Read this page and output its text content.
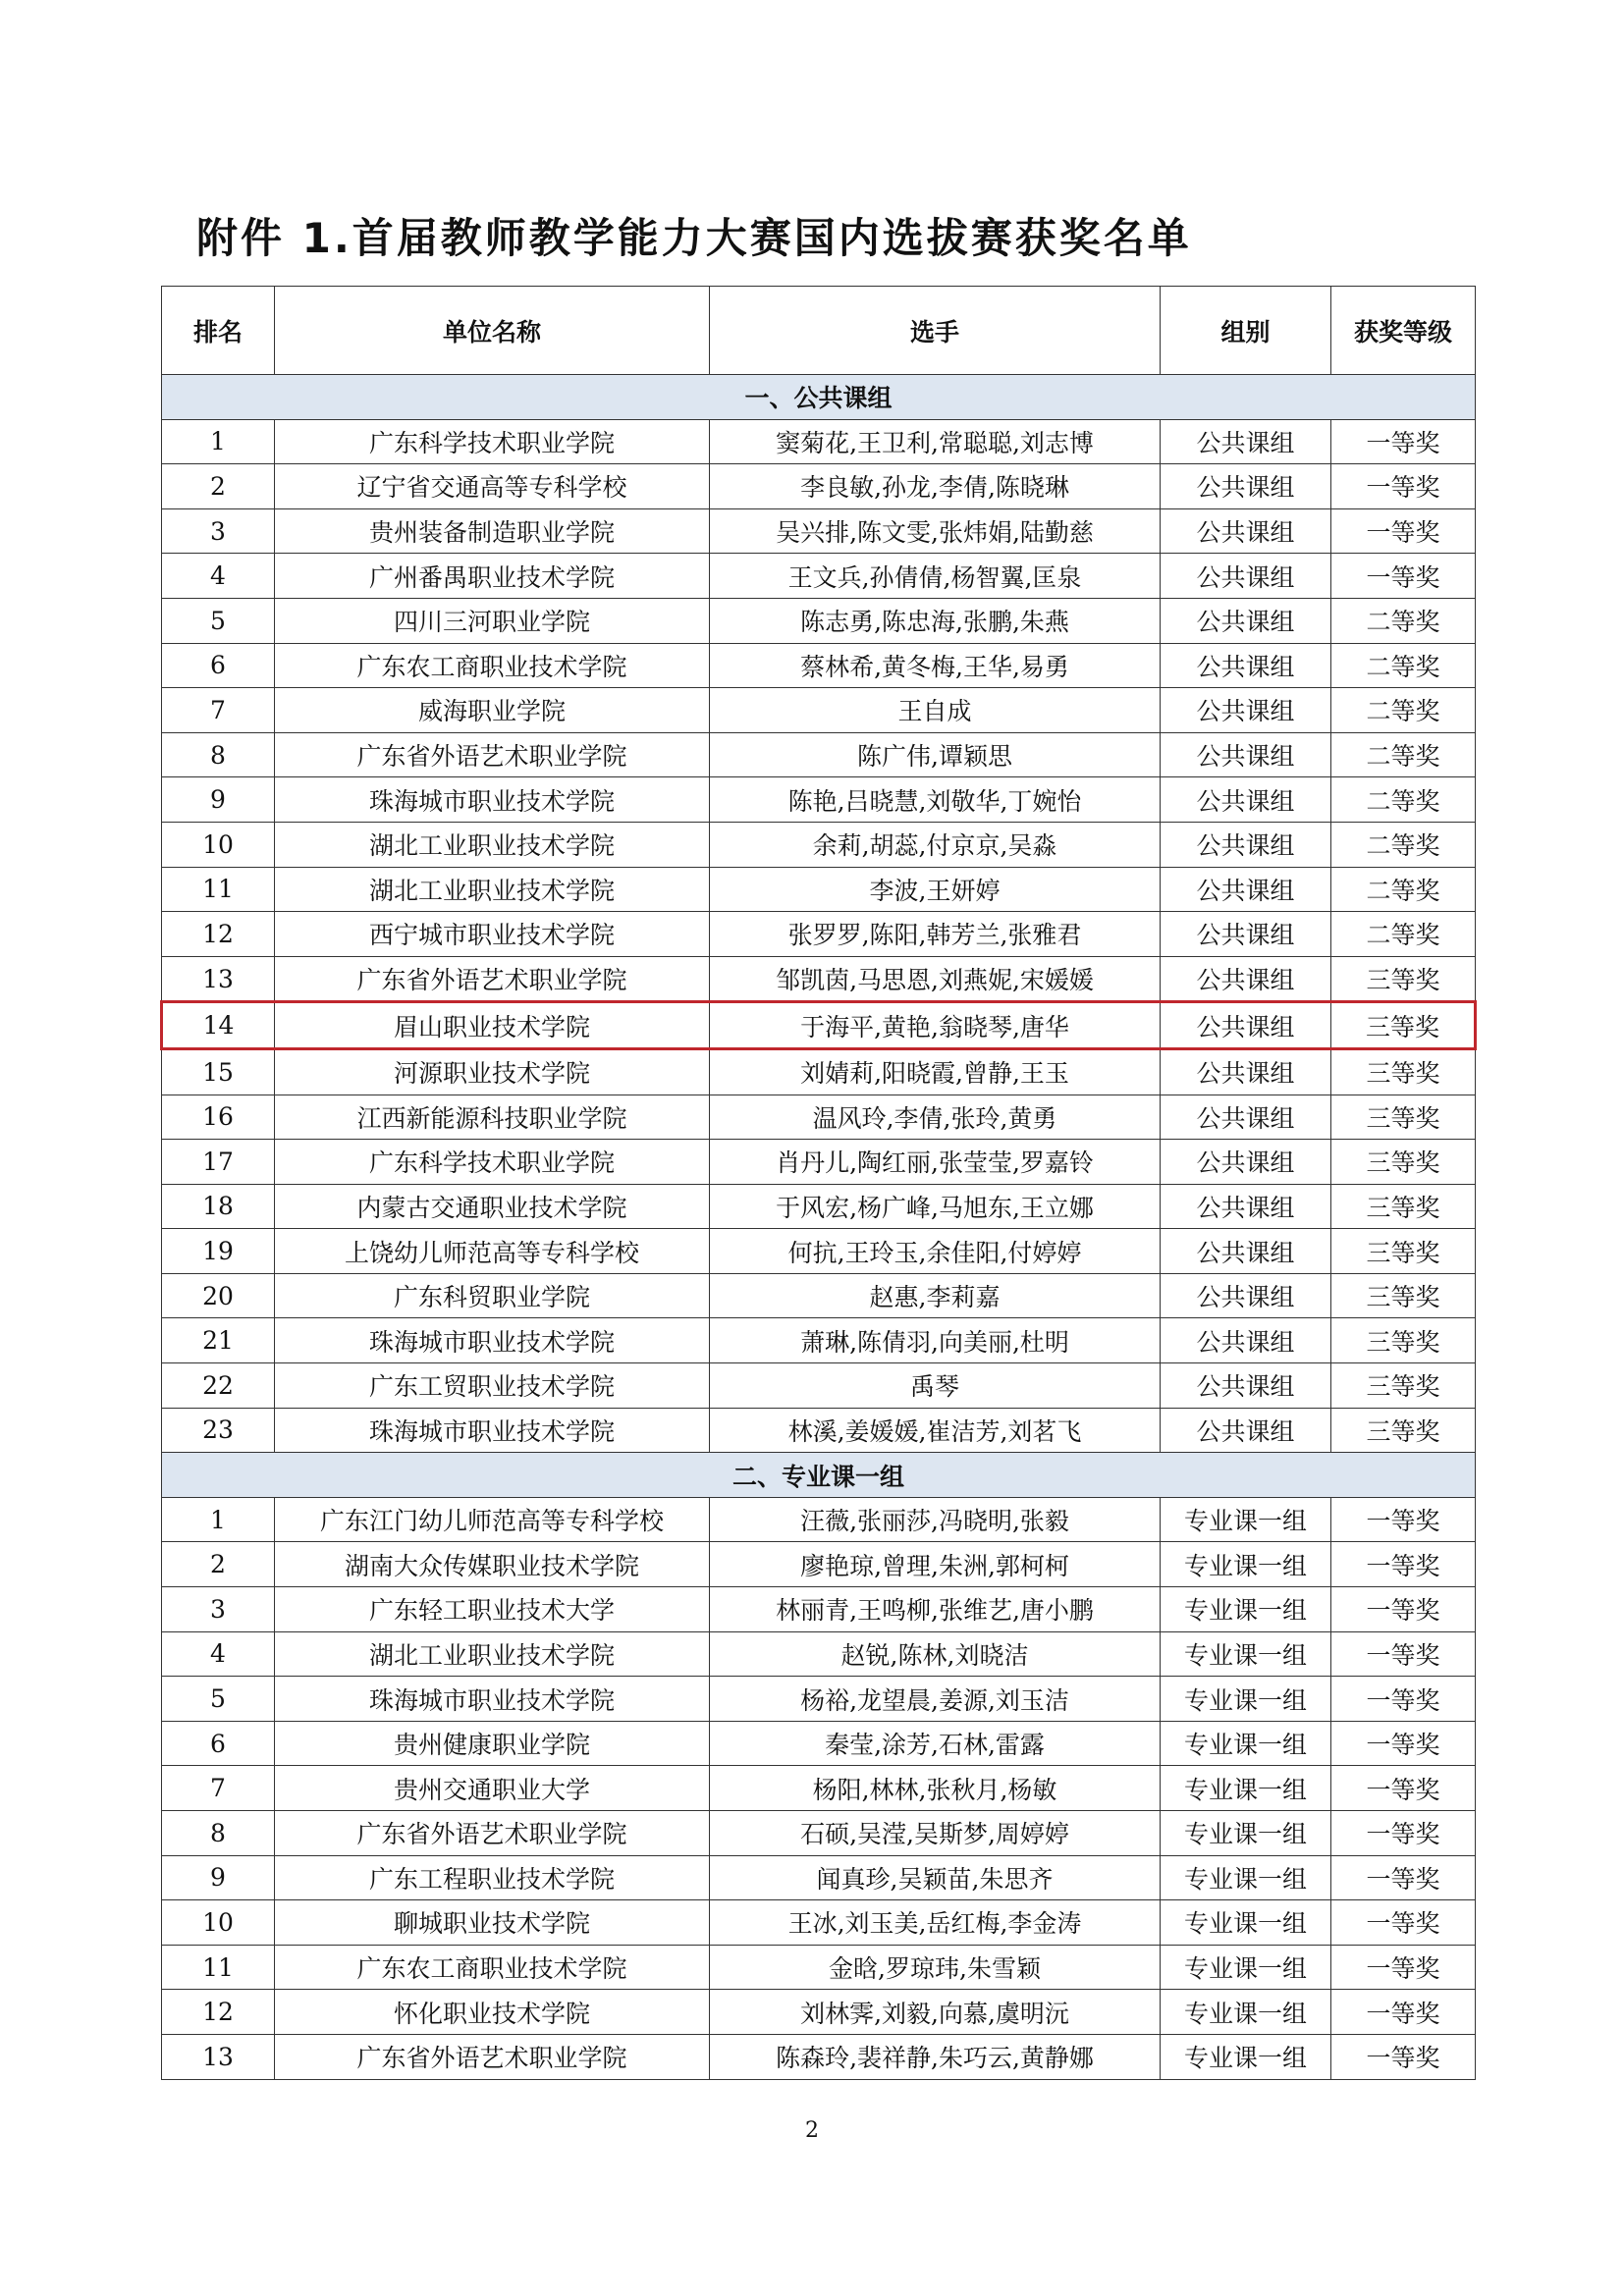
附件 1.首届教师教学能力大赛国内选拔赛获奖名单
排名	单位名称	选手	组别	获奖等级
一、公共课组				
1	广东科学技术职业学院	窦菊花,王卫利,常聪聪,刘志博	公共课组	一等奖
2	辽宁省交通高等专科学校	李良敏,孙龙,李倩,陈晓琳	公共课组	一等奖
3	贵州装备制造职业学院	吴兴排,陈文雯,张炜娟,陆勤慈	公共课组	一等奖
4	广州番禺职业技术学院	王文兵,孙倩倩,杨智翼,匡泉	公共课组	一等奖
5	四川三河职业学院	陈志勇,陈忠海,张鹏,朱燕	公共课组	二等奖
6	广东农工商职业技术学院	蔡林希,黄冬梅,王华,易勇	公共课组	二等奖
7	威海职业学院	王自成	公共课组	二等奖
8	广东省外语艺术职业学院	陈广伟,谭颖思	公共课组	二等奖
9	珠海城市职业技术学院	陈艳,吕晓慧,刘敬华,丁婉怡	公共课组	二等奖
10	湖北工业职业技术学院	余莉,胡蕊,付京京,吴淼	公共课组	二等奖
11	湖北工业职业技术学院	李波,王妍婷	公共课组	二等奖
12	西宁城市职业技术学院	张罗罗,陈阳,韩芳兰,张雅君	公共课组	二等奖
13	广东省外语艺术职业学院	邹凯茵,马思恩,刘燕妮,宋媛媛	公共课组	三等奖
14	眉山职业技术学院	于海平,黄艳,翁晓琴,唐华	公共课组	三等奖
15	河源职业技术学院	刘婧莉,阳晓霞,曾静,王玉	公共课组	三等奖
16	江西新能源科技职业学院	温风玲,李倩,张玲,黄勇	公共课组	三等奖
17	广东科学技术职业学院	肖丹儿,陶红丽,张莹莹,罗嘉铃	公共课组	三等奖
18	内蒙古交通职业技术学院	于风宏,杨广峰,马旭东,王立娜	公共课组	三等奖
19	上饶幼儿师范高等专科学校	何抗,王玲玉,余佳阳,付婷婷	公共课组	三等奖
20	广东科贸职业学院	赵惠,李莉嘉	公共课组	三等奖
21	珠海城市职业技术学院	萧琳,陈倩羽,向美丽,杜明	公共课组	三等奖
22	广东工贸职业技术学院	禹琴	公共课组	三等奖
23	珠海城市职业技术学院	林溪,姜媛媛,崔洁芳,刘茗飞	公共课组	三等奖
二、专业课一组				
1	广东江门幼儿师范高等专科学校	汪薇,张丽莎,冯晓明,张毅	专业课一组	一等奖
2	湖南大众传媒职业技术学院	廖艳琼,曾理,朱洲,郭柯柯	专业课一组	一等奖
3	广东轻工职业技术大学	林丽青,王鸣柳,张维艺,唐小鹏	专业课一组	一等奖
4	湖北工业职业技术学院	赵锐,陈林,刘晓洁	专业课一组	一等奖
5	珠海城市职业技术学院	杨裕,龙望晨,姜源,刘玉洁	专业课一组	一等奖
6	贵州健康职业学院	秦莹,涂芳,石林,雷露	专业课一组	一等奖
7	贵州交通职业大学	杨阳,林林,张秋月,杨敏	专业课一组	一等奖
8	广东省外语艺术职业学院	石硕,吴滢,吴斯梦,周婷婷	专业课一组	一等奖
9	广东工程职业技术学院	闻真珍,吴颖苗,朱思齐	专业课一组	一等奖
10	聊城职业技术学院	王冰,刘玉美,岳红梅,李金涛	专业课一组	一等奖
11	广东农工商职业技术学院	金晗,罗琼玮,朱雪颖	专业课一组	一等奖
12	怀化职业技术学院	刘林霁,刘毅,向慕,虞明沅	专业课一组	一等奖
13	广东省外语艺术职业学院	陈森玲,裴祥静,朱巧云,黄静娜	专业课一组	一等奖
2
